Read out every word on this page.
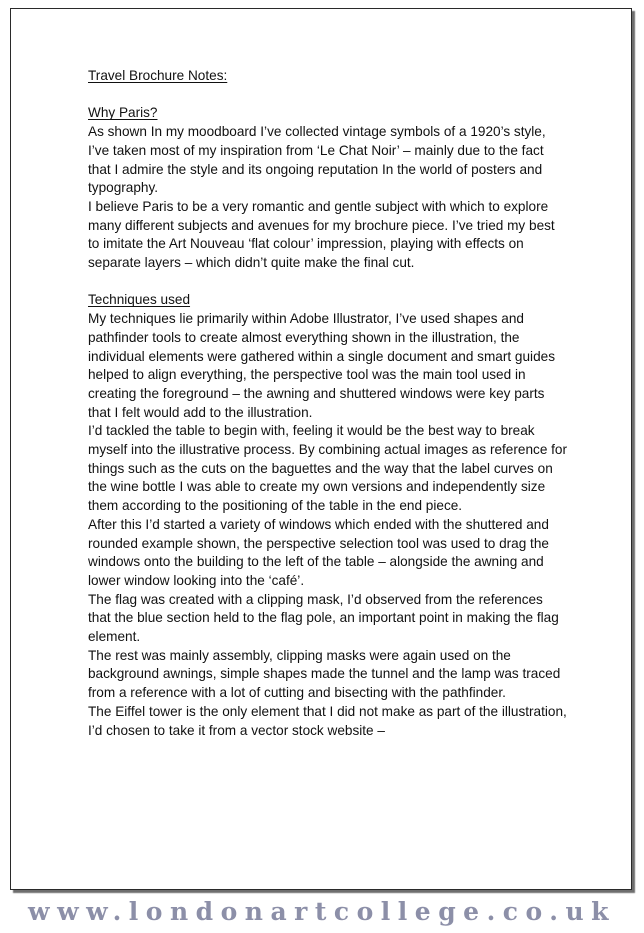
Travel Brochure Notes:

Why Paris?

As shown In my moodboard I’ve collected vintage symbols of a 1920’s style, I’ve taken most of my inspiration from ‘Le Chat Noir’ – mainly due to the fact that I admire the style and its ongoing reputation In the world of posters and typography.

I believe Paris to be a very romantic and gentle subject with which to explore many different subjects and avenues for my brochure piece. I’ve tried my best to imitate the Art Nouveau ‘flat colour’ impression, playing with effects on separate layers – which didn’t quite make the final cut.

Techniques used

My techniques lie primarily within Adobe Illustrator, I’ve used shapes and pathfinder tools to create almost everything shown in the illustration, the individual elements were gathered within a single document and smart guides helped to align everything, the perspective tool was the main tool used in creating the foreground – the awning and shuttered windows were key parts that I felt would add to the illustration.

I’d tackled the table to begin with, feeling it would be the best way to break myself into the illustrative process. By combining actual images as reference for things such as the cuts on the baguettes and the way that the label curves on the wine bottle I was able to create my own versions and independently size them according to the positioning of the table in the end piece.

After this I’d started a variety of windows which ended with the shuttered and rounded example shown, the perspective selection tool was used to drag the windows onto the building to the left of the table – alongside the awning and lower window looking into the ‘café’.

The flag was created with a clipping mask, I’d observed from the references that the blue section held to the flag pole, an important point in making the flag element.

The rest was mainly assembly, clipping masks were again used on the background awnings, simple shapes made the tunnel and the lamp was traced from a reference with a lot of cutting and bisecting with the pathfinder.

The Eiffel tower is the only element that I did not make as part of the illustration, I’d chosen to take it from a vector stock website –

www.londonartcollege.co.uk
